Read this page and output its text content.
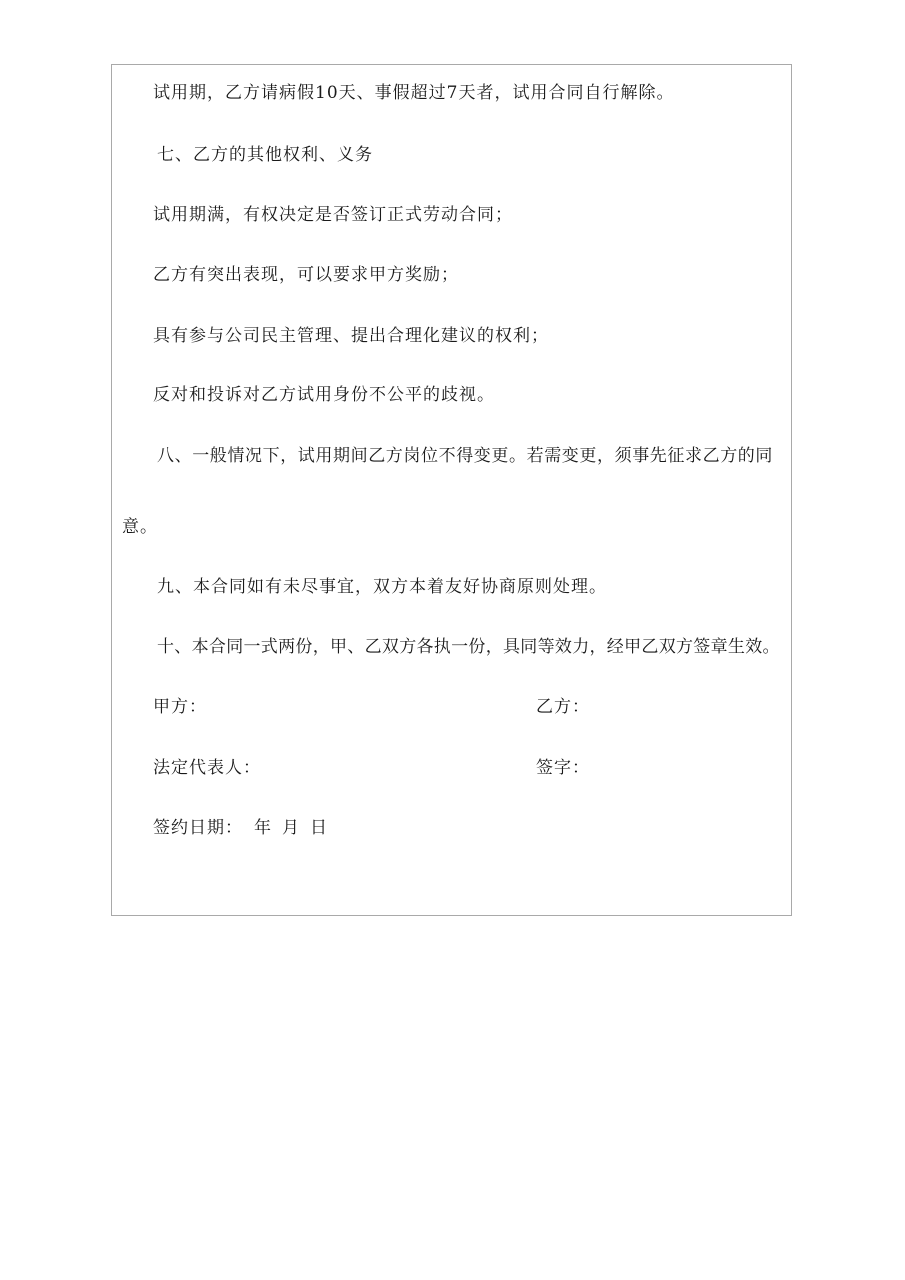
试用期，乙方请病假10天、事假超过7天者，试用合同自行解除。
七、乙方的其他权利、义务
试用期满，有权决定是否签订正式劳动合同；
乙方有突出表现，可以要求甲方奖励；
具有参与公司民主管理、提出合理化建议的权利；
反对和投诉对乙方试用身份不公平的歧视。
八、一般情况下，试用期间乙方岗位不得变更。若需变更，须事先征求乙方的同
意。
九、本合同如有未尽事宜，双方本着友好协商原则处理。
十、本合同一式两份，甲、乙双方各执一份，具同等效力，经甲乙双方签章生效。
甲方：	乙方：
法定代表人：	签字：
签约日期： 年 月 日
